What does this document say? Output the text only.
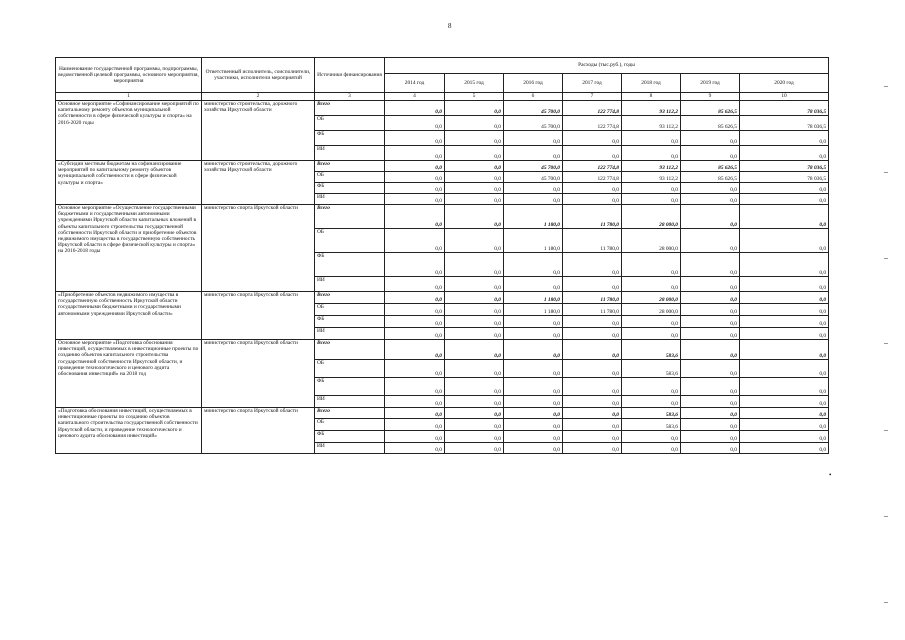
8
Наименование государственной программы, подпрограммы, ведомственной целевой программы, основного мероприятия, мероприятия	Ответственный исполнитель, соисполнители, участники, исполнители мероприятий	Источники финансирования	Расходы (тыс.руб.), годы						
			2014 год	2015 год	2016 год	2017 год	2018 год	2019 год	2020 год
1	2	3	4	5	6	7	8	9	10
Основное мероприятие «Софинансирование мероприятий по капитальному ремонту объектов муниципальной собственности в сфере физической культуры и спорта» на 2016-2020 годы	министерство строительства, дорожного хозяйства Иркутской области	Всего	0,0	0,0	45 700,0	122 774,8	93 112,2	85 626,5	78 036,5
		ОБ	0,0	0,0	45 700,0	122 774,8	93 112,2	85 626,5	78 036,5
		ФБ	0,0	0,0	0,0	0,0	0,0	0,0	0,0
		ИИ	0,0	0,0	0,0	0,0	0,0	0,0	0,0
«Субсидии местным бюджетам на софинансирование мероприятий по капитальному ремонту объектов муниципальной собственности в сфере физической культуры и спорта»	министерство строительства, дорожного хозяйства Иркутской области	Всего	0,0	0,0	45 700,0	122 774,8	93 112,2	85 626,5	78 036,5
		ОБ	0,0	0,0	45 700,0	122 774,8	93 112,2	85 626,5	78 036,5
		ФБ	0,0	0,0	0,0	0,0	0,0	0,0	0,0
		ИИ	0,0	0,0	0,0	0,0	0,0	0,0	0,0
Основное мероприятие «Осуществление государственными бюджетными и государственными автономными учреждениями Иркутской области капитальных вложений в объекты капитального строительства государственной собственности Иркутской области и приобретение объектов недвижимого имущества в государственную собственность Иркутской области в сфере физической культуры и спорта» на 2016-2018 годы	министерство спорта Иркутской области	Всего	0,0	0,0	1 180,0	11 780,0	28 000,0	0,0	0,0
		ОБ	0,0	0,0	1 180,0	11 780,0	28 000,0	0,0	0,0
		ФБ	0,0	0,0	0,0	0,0	0,0	0,0	0,0
		ИИ	0,0	0,0	0,0	0,0	0,0	0,0	0,0
«Приобретение объектов недвижимого имущества в государственную собственность Иркутской области государственными бюджетными и государственными автономными учреждениями Иркутской области»	министерство спорта Иркутской области	Всего	0,0	0,0	1 180,0	11 780,0	28 000,0	0,0	0,0
		ОБ	0,0	0,0	1 180,0	11 780,0	28 000,0	0,0	0,0
		ФБ	0,0	0,0	0,0	0,0	0,0	0,0	0,0
		ИИ	0,0	0,0	0,0	0,0	0,0	0,0	0,0
Основное мероприятие «Подготовка обоснования инвестиций, осуществляемых в инвестиционные проекты по созданию объектов капитального строительства государственной собственности Иркутской области, и проведение технологического и ценового аудита обоснования инвестиций» на 2018 год	министерство спорта Иркутской области	Всего	0,0	0,0	0,0	0,0	583,6	0,0	0,0
		ОБ	0,0	0,0	0,0	0,0	583,6	0,0	0,0
		ФБ	0,0	0,0	0,0	0,0	0,0	0,0	0,0
		ИИ	0,0	0,0	0,0	0,0	0,0	0,0	0,0
«Подготовка обоснования инвестиций, осуществляемых в инвестиционные проекты по созданию объектов капитального строительства государственной собственности Иркутской области, и проведение технологического и ценового аудита обоснования инвестиций»	министерство спорта Иркутской области	Всего	0,0	0,0	0,0	0,0	583,6	0,0	0,0
		ОБ	0,0	0,0	0,0	0,0	583,6	0,0	0,0
		ФБ	0,0	0,0	0,0	0,0	0,0	0,0	0,0
		ИИ	0,0	0,0	0,0	0,0	0,0	0,0	0,0
•
